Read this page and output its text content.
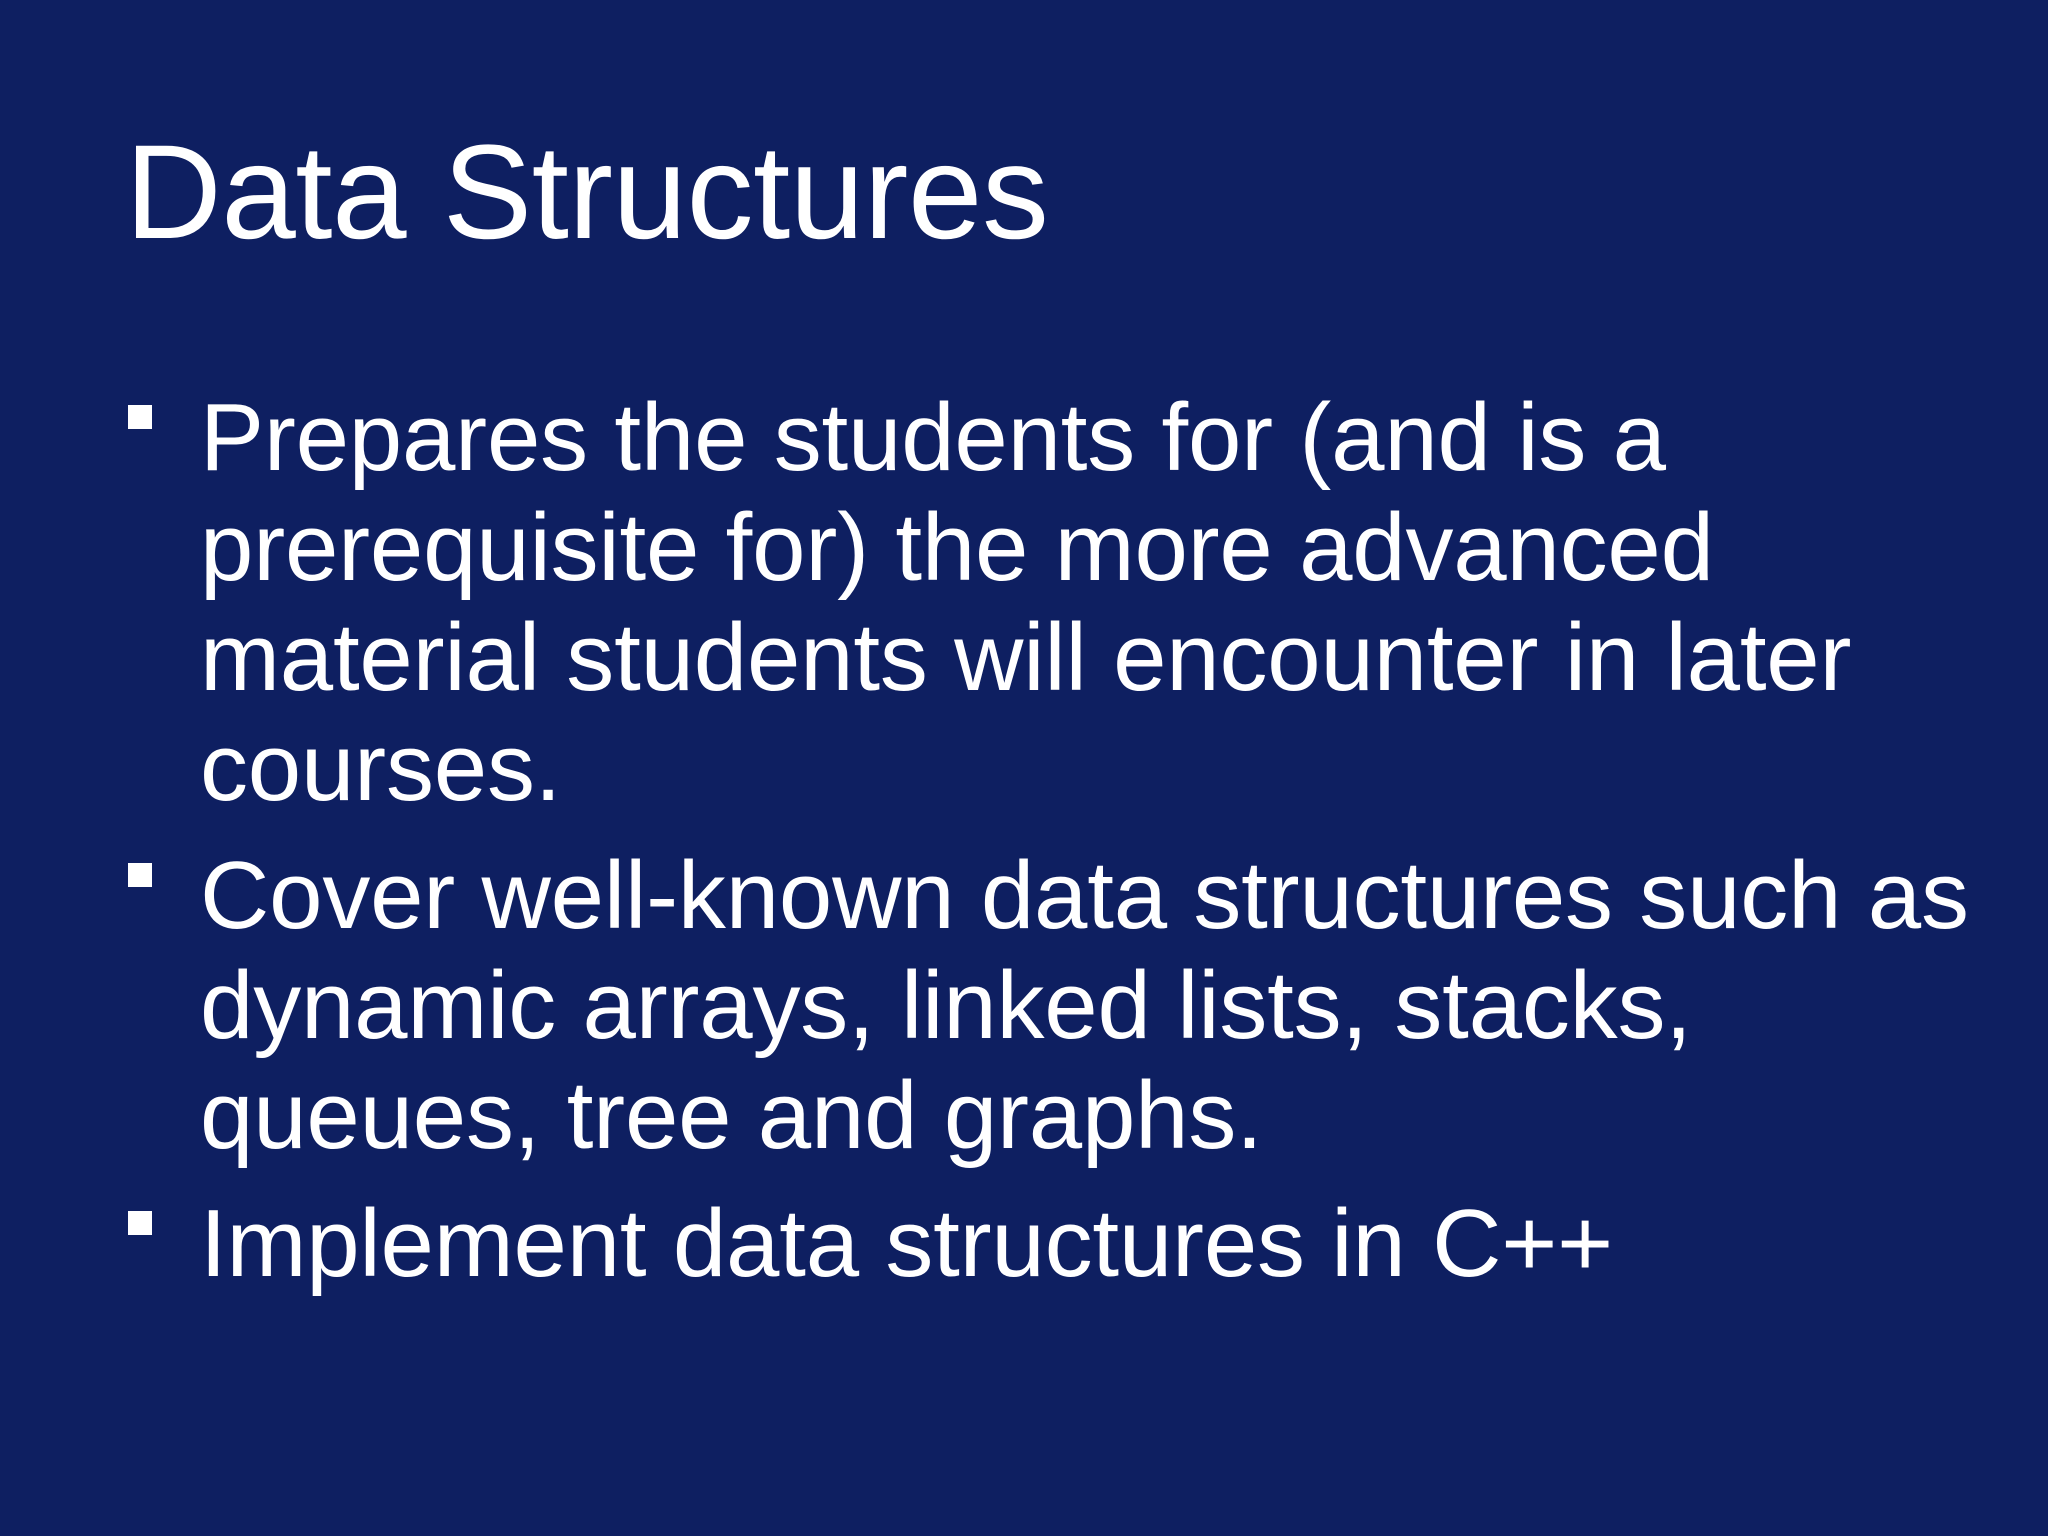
Data Structures
Prepares the students for (and is a
prerequisite for) the more advanced
material students will encounter in later
courses.
Cover well-known data structures such as
dynamic arrays, linked lists, stacks,
queues, tree and graphs.
Implement data structures in C++
